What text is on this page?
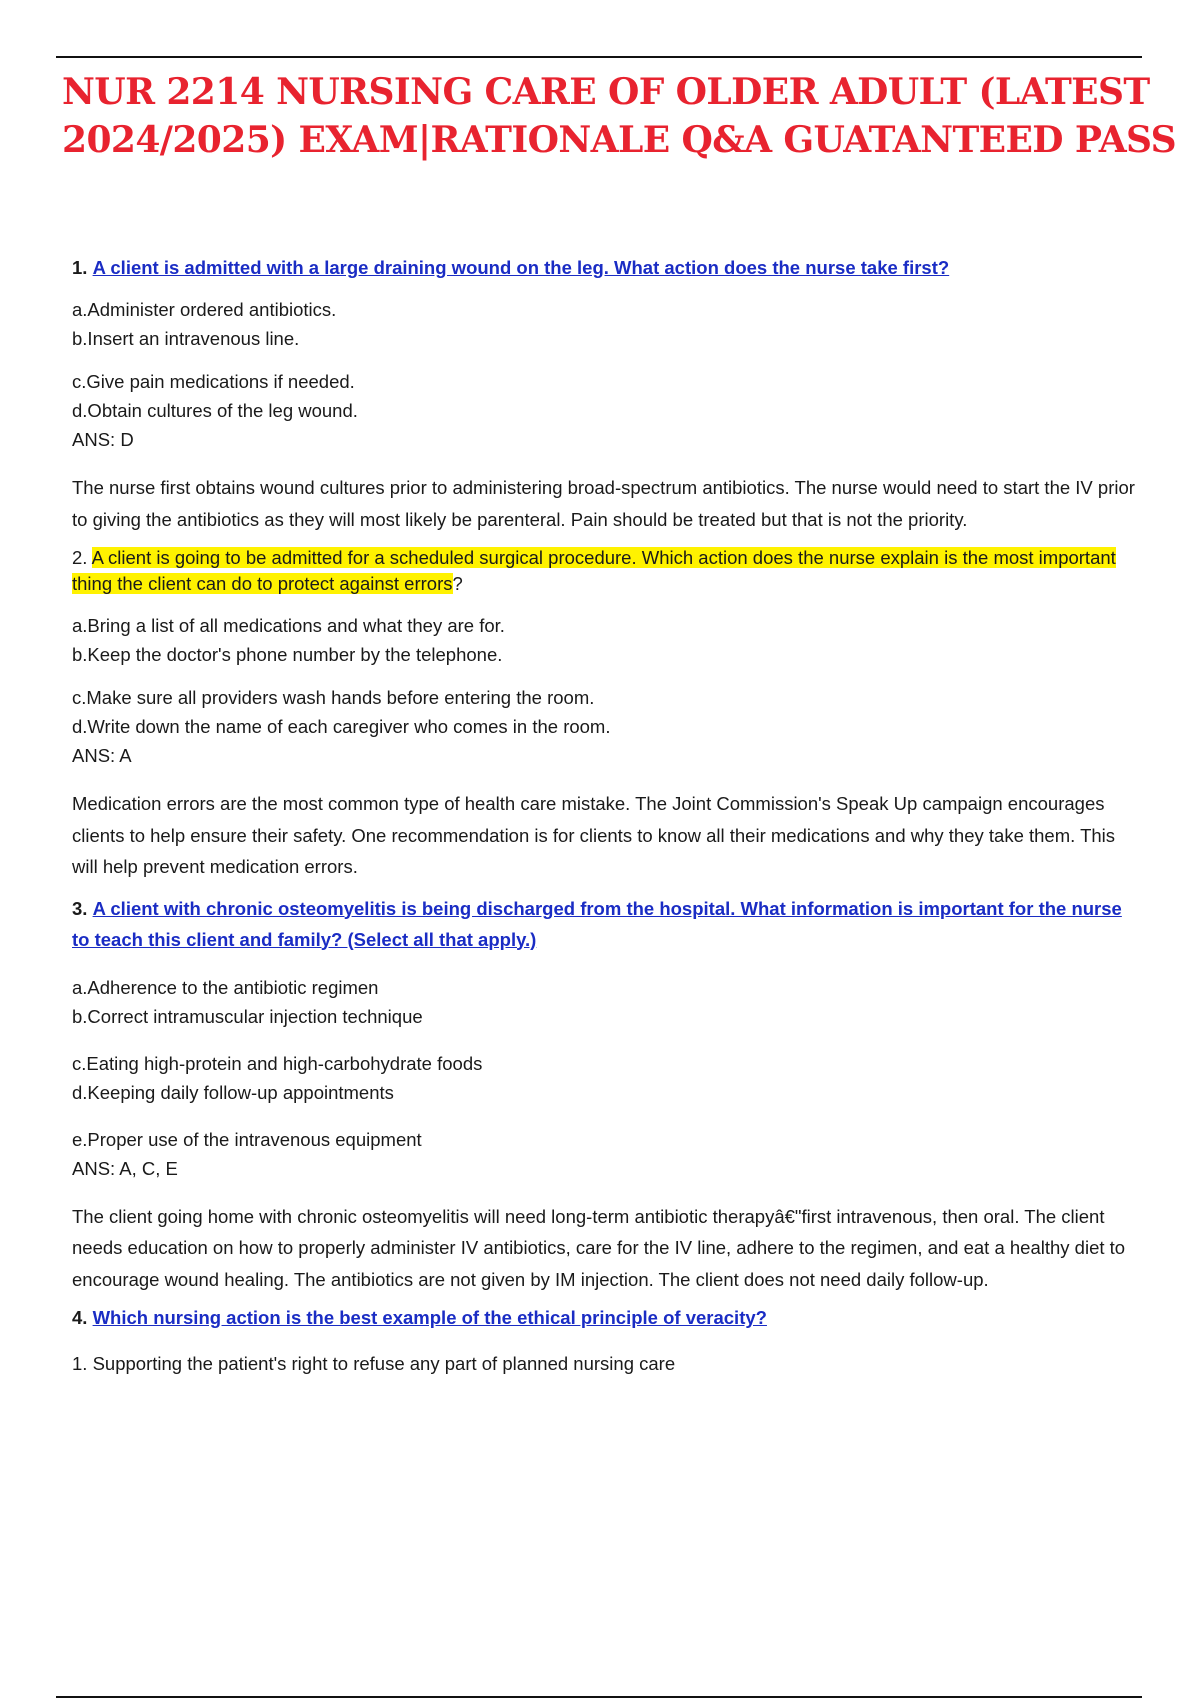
NUR 2214 NURSING CARE OF OLDER ADULT (LATEST
2024/2025) EXAM|RATIONALE Q&A GUATANTEED PASS

1. A client is admitted with a large draining wound on the leg. What action does the nurse take first?

a.Administer ordered antibiotics.

b.Insert an intravenous line.

c.Give pain medications if needed.

d.Obtain cultures of the leg wound.

ANS: D

The nurse first obtains wound cultures prior to administering broad-spectrum antibiotics. The nurse would need to start the IV prior to giving the antibiotics as they will most likely be parenteral. Pain should be treated but that is not the priority.

2. A client is going to be admitted for a scheduled surgical procedure. Which action does the nurse explain is the most important thing the client can do to protect against errors?

a.Bring a list of all medications and what they are for.

b.Keep the doctor's phone number by the telephone.

c.Make sure all providers wash hands before entering the room.

d.Write down the name of each caregiver who comes in the room.

ANS: A

Medication errors are the most common type of health care mistake. The Joint Commission's Speak Up campaign encourages clients to help ensure their safety. One recommendation is for clients to know all their medications and why they take them. This will help prevent medication errors.

3. A client with chronic osteomyelitis is being discharged from the hospital. What information is important for the nurse to teach this client and family? (Select all that apply.)

a.Adherence to the antibiotic regimen

b.Correct intramuscular injection technique

c.Eating high-protein and high-carbohydrate foods

d.Keeping daily follow-up appointments

e.Proper use of the intravenous equipment

ANS: A, C, E

The client going home with chronic osteomyelitis will need long-term antibiotic therapyâ€"first intravenous, then oral. The client needs education on how to properly administer IV antibiotics, care for the IV line, adhere to the regimen, and eat a healthy diet to encourage wound healing. The antibiotics are not given by IM injection. The client does not need daily follow-up.

4. Which nursing action is the best example of the ethical principle of veracity?

1. Supporting the patient's right to refuse any part of planned nursing care
